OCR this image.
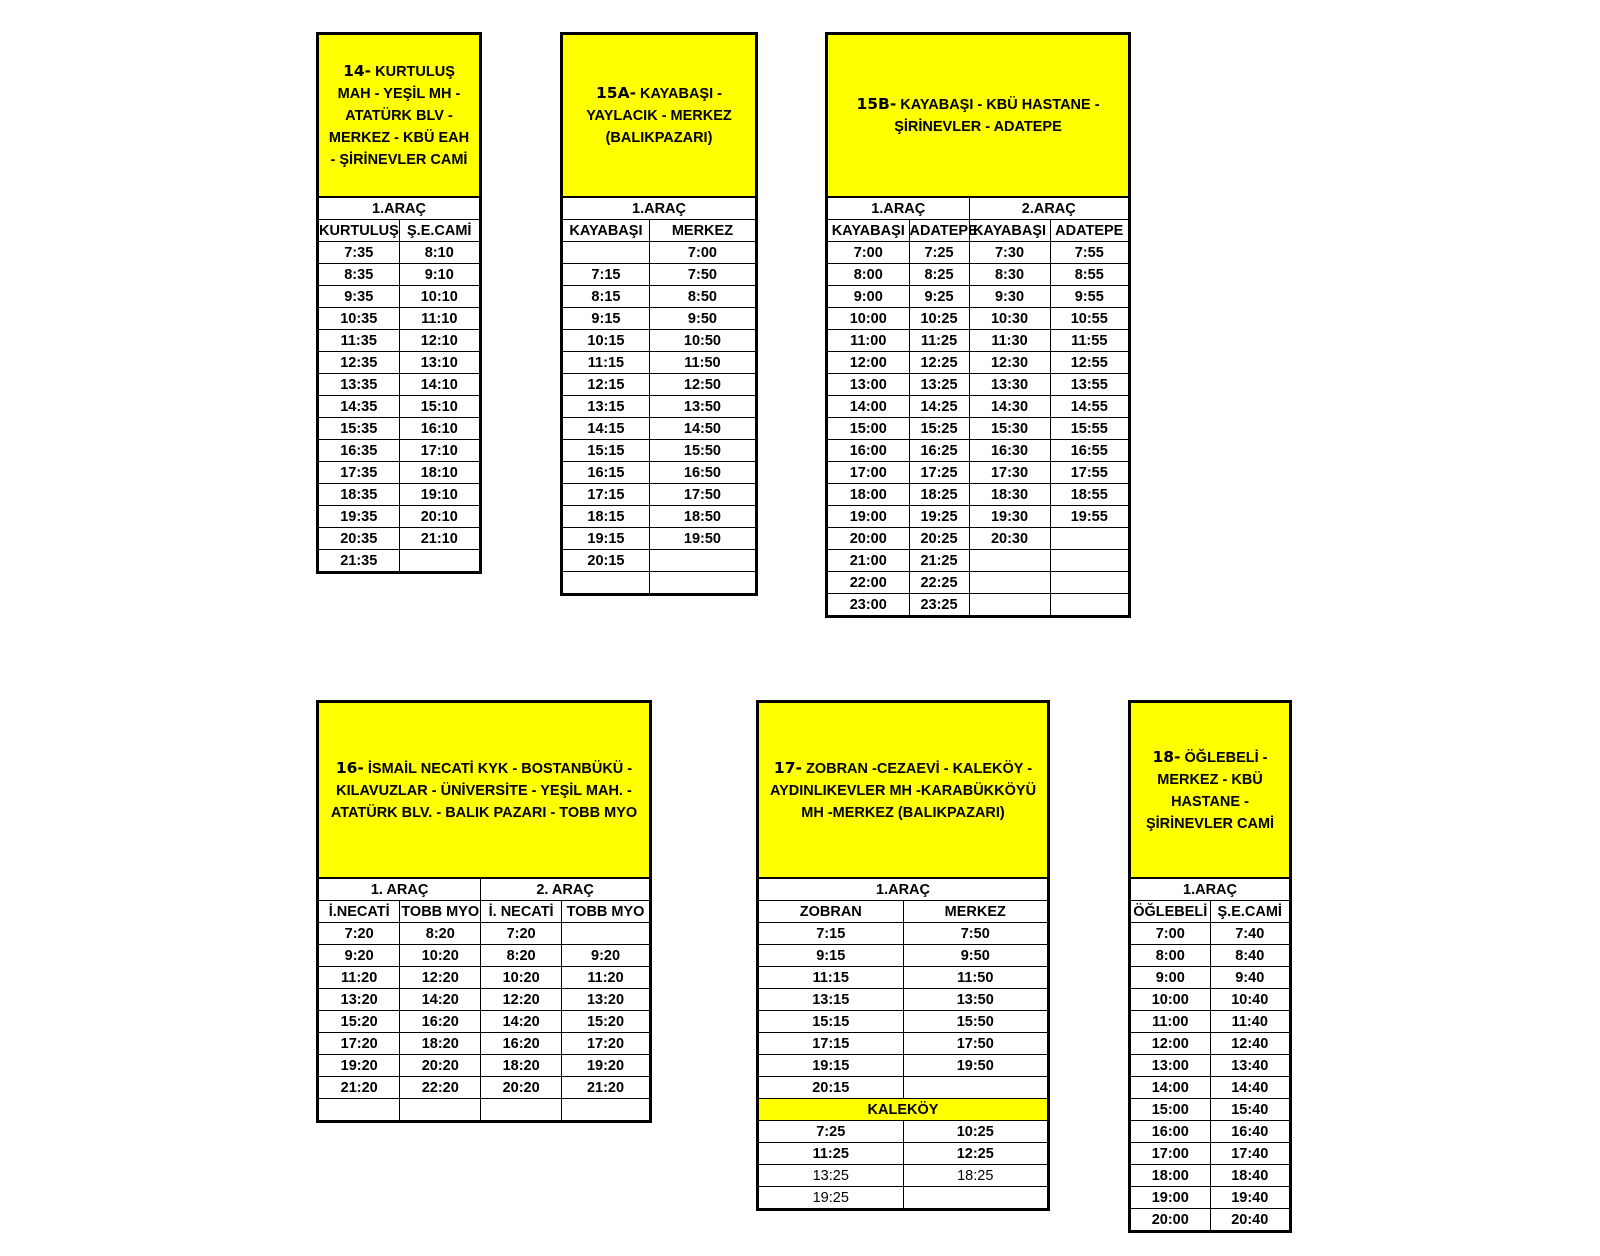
14- KURTULUŞ MAH - YEŞİL MH - ATATÜRK BLV - MERKEZ - KBÜ EAH - ŞİRİNEVLER CAMİ
1.ARAÇ	
KURTULUŞ	Ş.E.CAMİ
7:35	8:10
8:35	9:10
9:35	10:10
10:35	11:10
11:35	12:10
12:35	13:10
13:35	14:10
14:35	15:10
15:35	16:10
16:35	17:10
17:35	18:10
18:35	19:10
19:35	20:10
20:35	21:10
21:35	
15A- KAYABAŞI - YAYLACIK - MERKEZ (BALIKPAZARI)
1.ARAÇ	
KAYABAŞI	MERKEZ
	7:00
7:15	7:50
8:15	8:50
9:15	9:50
10:15	10:50
11:15	11:50
12:15	12:50
13:15	13:50
14:15	14:50
15:15	15:50
16:15	16:50
17:15	17:50
18:15	18:50
19:15	19:50
20:15	

15B- KAYABAŞI - KBÜ HASTANE - ŞİRİNEVLER - ADATEPE
1.ARAÇ		2.ARAÇ	
KAYABAŞI	ADATEPE	KAYABAŞI	ADATEPE
7:00	7:25	7:30	7:55
8:00	8:25	8:30	8:55
9:00	9:25	9:30	9:55
10:00	10:25	10:30	10:55
11:00	11:25	11:30	11:55
12:00	12:25	12:30	12:55
13:00	13:25	13:30	13:55
14:00	14:25	14:30	14:55
15:00	15:25	15:30	15:55
16:00	16:25	16:30	16:55
17:00	17:25	17:30	17:55
18:00	18:25	18:30	18:55
19:00	19:25	19:30	19:55
20:00	20:25	20:30	
21:00	21:25		
22:00	22:25		
23:00	23:25		
16- İSMAİL NECATİ KYK - BOSTANBÜKÜ - KILAVUZLAR - ÜNİVERSİTE - YEŞİL MAH. - ATATÜRK BLV. - BALIK PAZARI - TOBB MYO
1. ARAÇ		2. ARAÇ	
İ.NECATİ	TOBB MYO	İ. NECATİ	TOBB MYO
7:20	8:20	7:20	
9:20	10:20	8:20	9:20
11:20	12:20	10:20	11:20
13:20	14:20	12:20	13:20
15:20	16:20	14:20	15:20
17:20	18:20	16:20	17:20
19:20	20:20	18:20	19:20
21:20	22:20	20:20	21:20

17- ZOBRAN -CEZAEVİ - KALEKÖY - AYDINLIKEVLER MH -KARABÜKKÖYÜ MH -MERKEZ (BALIKPAZARI)
1.ARAÇ	
ZOBRAN	MERKEZ
7:15	7:50
9:15	9:50
11:15	11:50
13:15	13:50
15:15	15:50
17:15	17:50
19:15	19:50
20:15	
KALEKÖY	
7:25	10:25
11:25	12:25
13:25	18:25
19:25	
18- ÖĞLEBELİ - MERKEZ - KBÜ HASTANE - ŞİRİNEVLER CAMİ
1.ARAÇ	
ÖĞLEBELİ	Ş.E.CAMİ
7:00	7:40
8:00	8:40
9:00	9:40
10:00	10:40
11:00	11:40
12:00	12:40
13:00	13:40
14:00	14:40
15:00	15:40
16:00	16:40
17:00	17:40
18:00	18:40
19:00	19:40
20:00	20:40
